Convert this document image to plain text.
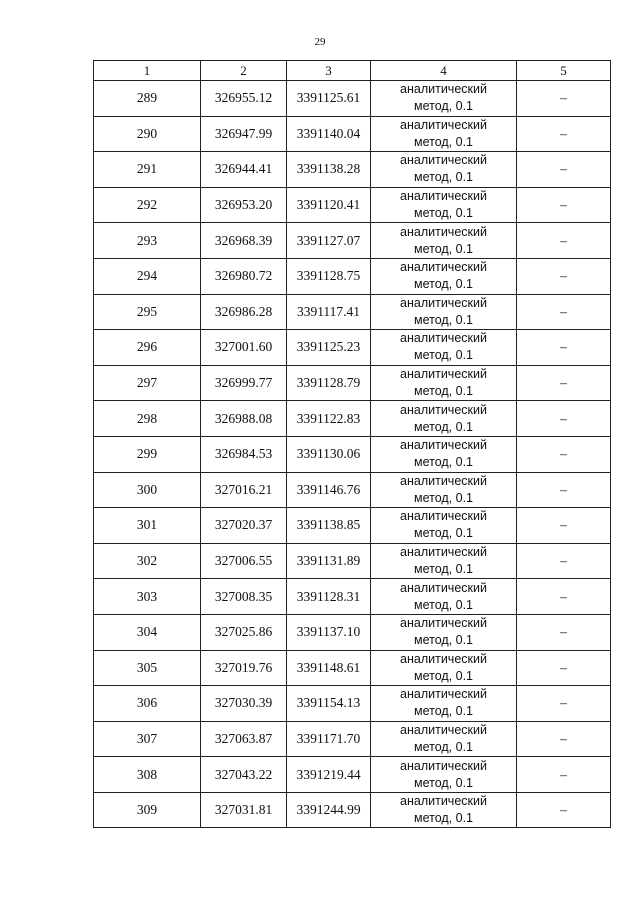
29
1	2	3	4	5
289	326955.12	3391125.61	аналитический
метод, 0.1	–
290	326947.99	3391140.04	аналитический
метод, 0.1	–
291	326944.41	3391138.28	аналитический
метод, 0.1	–
292	326953.20	3391120.41	аналитический
метод, 0.1	–
293	326968.39	3391127.07	аналитический
метод, 0.1	–
294	326980.72	3391128.75	аналитический
метод, 0.1	–
295	326986.28	3391117.41	аналитический
метод, 0.1	–
296	327001.60	3391125.23	аналитический
метод, 0.1	–
297	326999.77	3391128.79	аналитический
метод, 0.1	–
298	326988.08	3391122.83	аналитический
метод, 0.1	–
299	326984.53	3391130.06	аналитический
метод, 0.1	–
300	327016.21	3391146.76	аналитический
метод, 0.1	–
301	327020.37	3391138.85	аналитический
метод, 0.1	–
302	327006.55	3391131.89	аналитический
метод, 0.1	–
303	327008.35	3391128.31	аналитический
метод, 0.1	–
304	327025.86	3391137.10	аналитический
метод, 0.1	–
305	327019.76	3391148.61	аналитический
метод, 0.1	–
306	327030.39	3391154.13	аналитический
метод, 0.1	–
307	327063.87	3391171.70	аналитический
метод, 0.1	–
308	327043.22	3391219.44	аналитический
метод, 0.1	–
309	327031.81	3391244.99	аналитический
метод, 0.1	–
